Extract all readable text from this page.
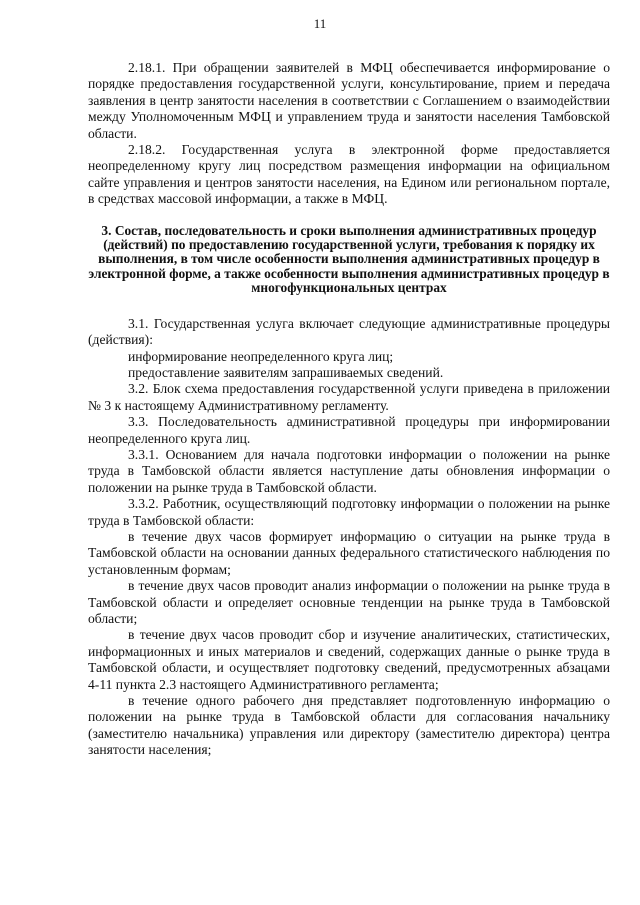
11

2.18.1. При обращении заявителей в МФЦ обеспечивается информирование о порядке предоставления государственной услуги, консультирование, прием и передача заявления в центр занятости населения в соответствии с Соглашением о взаимодействии между Уполномоченным МФЦ и управлением труда и занятости населения Тамбовской области.

2.18.2. Государственная услуга в электронной форме предоставляется неопределенному кругу лиц посредством размещения информации на официальном сайте управления и центров занятости населения, на Едином или региональном портале, в средствах массовой информации, а также в МФЦ.

3. Состав, последовательность и сроки выполнения административных процедур (действий) по предоставлению государственной услуги, требования к порядку их выполнения, в том числе особенности выполнения административных процедур в электронной форме, а также особенности выполнения административных процедур в многофункциональных центрах

3.1. Государственная услуга включает следующие административные процедуры (действия):

информирование неопределенного круга лиц;

предоставление заявителям запрашиваемых сведений.

3.2. Блок схема предоставления государственной услуги приведена в приложении № 3 к настоящему Административному регламенту.

3.3. Последовательность административной процедуры при информировании неопределенного круга лиц.

3.3.1. Основанием для начала подготовки информации о положении на рынке труда в Тамбовской области является наступление даты обновления информации о положении на рынке труда в Тамбовской области.

3.3.2. Работник, осуществляющий подготовку информации о положении на рынке труда в Тамбовской области:

в течение двух часов формирует информацию о ситуации на рынке труда в Тамбовской области на основании данных федерального статистического наблюдения по установленным формам;

в течение двух часов проводит анализ информации о положении на рынке труда в Тамбовской области и определяет основные тенденции на рынке труда в Тамбовской области;

в течение двух часов проводит сбор и изучение аналитических, статистических, информационных и иных материалов и сведений, содержащих данные о рынке труда в Тамбовской области, и осуществляет подготовку сведений, предусмотренных абзацами 4-11 пункта 2.3 настоящего Административного регламента;

в течение одного рабочего дня представляет подготовленную информацию о положении на рынке труда в Тамбовской области для согласования начальнику (заместителю начальника) управления или директору (заместителю директора) центра занятости населения;
